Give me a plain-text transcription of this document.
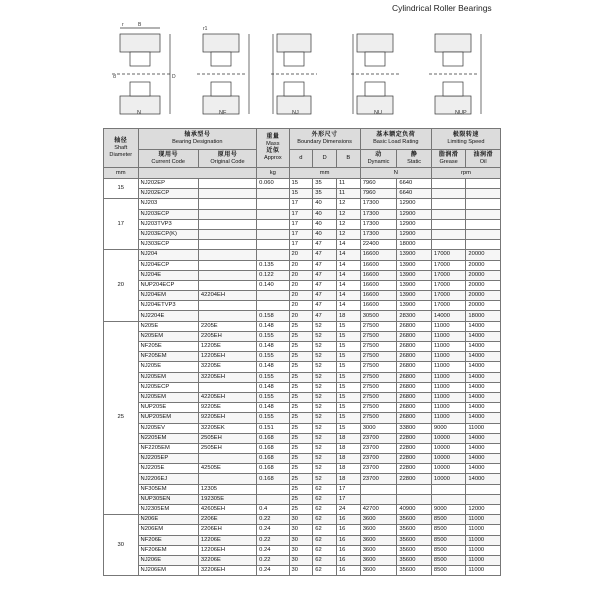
Cylindrical Roller Bearings
r	B
d	D
r1
N	NF	NJ	NU	NUP
轴径
Shaft
Diameter	轴承型号
Bearing Designation		重量
Mass
近似
Approx	外形尺寸
Boundary Dimensions			基本额定负荷
Basic Load Rating		极限转速
Limiting Speed	

	现用号
Current Code	原用号
Original Code		d	D	B	动
Dynamic	静
Static	脂润滑
Grease	油润滑
Oil

mm			kg	mm			N		rpm	
15	NJ202EP		0.060	15	35	11	7960	6640		
	NJ202ECP			15	35	11	7960	6640		
17	NJ203			17	40	12	17300	12900		
	NJ203ECP			17	40	12	17300	12900		
	NJ203TVP3			17	40	12	17300	12900		
	NJ203ECP(K)			17	40	12	17300	12900		
	NJ303ECP			17	47	14	22400	18000		
20	NJ204			20	47	14	16600	13900	17000	20000
	NJ204ECP		0.135	20	47	14	16600	13900	17000	20000
	NJ204E		0.122	20	47	14	16600	13900	17000	20000
	NUP204ECP		0.140	20	47	14	16600	13900	17000	20000
	NJ204EM	42204EH		20	47	14	16600	13900	17000	20000
	NJ204ETVP3			20	47	14	16600	13900	17000	20000
	NJ2204E		0.158	20	47	18	30500	28300	14000	18000
25	N205E	2205E	0.148	25	52	15	27500	26800	11000	14000
	N205EM	2205EH	0.155	25	52	15	27500	26800	11000	14000
	NF205E	12205E	0.148	25	52	15	27500	26800	11000	14000
	NF205EM	12205EH	0.155	25	52	15	27500	26800	11000	14000
	NJ205E	32205E	0.148	25	52	15	27500	26800	11000	14000
	NJ205EM	32205EH	0.155	25	52	15	27500	26800	11000	14000
	NJ205ECP		0.148	25	52	15	27500	26800	11000	14000
	NJ205EM	42205EH	0.155	25	52	15	27500	26800	11000	14000
	NUP205E	92205E	0.148	25	52	15	27500	26800	11000	14000
	NUP205EM	92205EH	0.155	25	52	15	27500	26800	11000	14000
	NJ205EV	32205EK	0.151	25	52	15	3000	33800	9000	11000
	N2205EM	2505EH	0.168	25	52	18	23700	22800	10000	14000
	NF2205EM	2505EH	0.168	25	52	18	23700	22800	10000	14000
	NJ2205EP		0.168	25	52	18	23700	22800	10000	14000
	NJ2205E	42505E	0.168	25	52	18	23700	22800	10000	14000
	NJ2206EJ		0.168	25	52	18	23700	22800	10000	14000
	NF305EM	12305		25	62	17				
	NUP305EN	192305E		25	62	17				
	NJ2305EM	42605EH	0.4	25	62	24	42700	40900	9000	12000
30	N206E	2206E	0.22	30	62	16	3600	35600	8500	11000
	N206EM	2206EH	0.24	30	62	16	3600	35600	8500	11000
	NF206E	12206E	0.22	30	62	16	3600	35600	8500	11000
	NF206EM	12206EH	0.24	30	62	16	3600	35600	8500	11000
	NJ206E	32206E	0.22	30	62	16	3600	35600	8500	11000
	NJ206EM	32206EH	0.24	30	62	16	3600	35600	8500	11000
